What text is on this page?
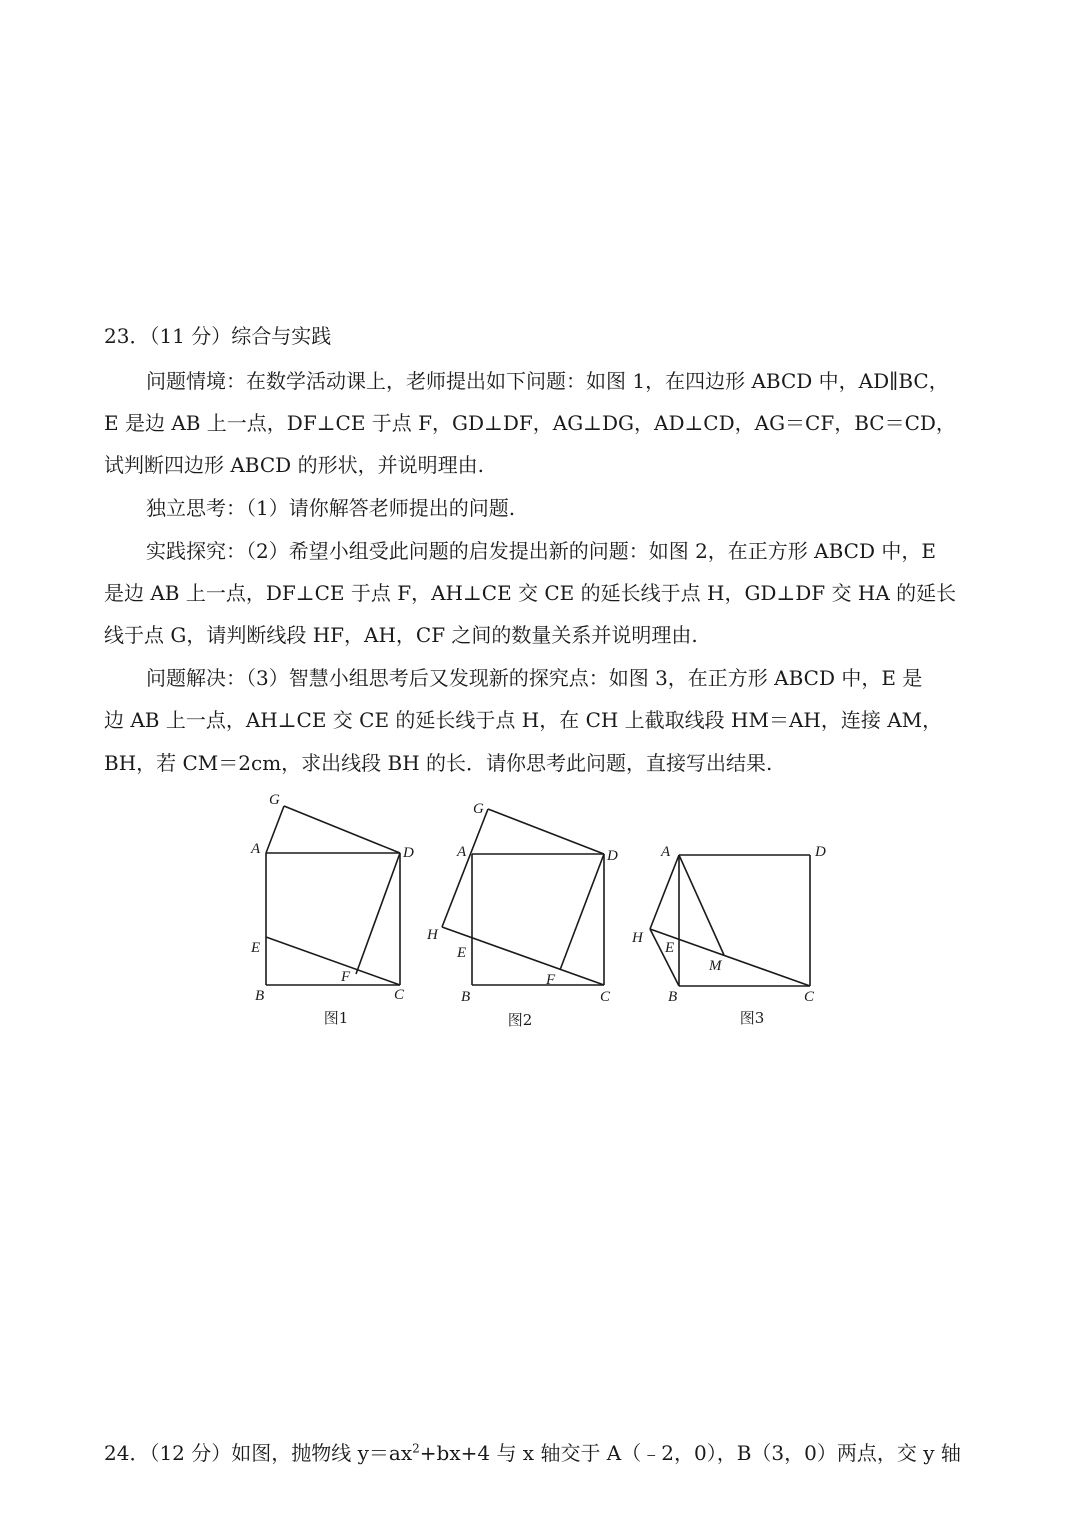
23．（11 分）综合与实践
问题情境：在数学活动课上，老师提出如下问题：如图 1，在四边形 ABCD 中，AD∥BC，
E 是边 AB 上一点，DF⊥CE 于点 F，GD⊥DF，AG⊥DG，AD⊥CD，AG＝CF，BC＝CD，
试判断四边形 ABCD 的形状，并说明理由.
独立思考：（1）请你解答老师提出的问题.
实践探究：（2）希望小组受此问题的启发提出新的问题：如图 2，在正方形 ABCD 中，E
是边 AB 上一点，DF⊥CE 于点 F，AH⊥CE 交 CE 的延长线于点 H，GD⊥DF 交 HA 的延长
线于点 G，请判断线段 HF，AH，CF 之间的数量关系并说明理由.
问题解决：（3）智慧小组思考后又发现新的探究点：如图 3，在正方形 ABCD 中，E 是
边 AB 上一点，AH⊥CE 交 CE 的延长线于点 H，在 CH 上截取线段 HM＝AH，连接 AM，
BH，若 CM＝2cm，求出线段 BH 的长．请你思考此问题，直接写出结果.
G
A	D
E
F
B	C
图1
G
A	D
H
E
F
B	C
图2
A	D
H
E
M
B	C
图3
24．（12 分）如图，抛物线 $y=ax^2+bx+4$ 与 x 轴交于 A（﹣2，0），B（3，0）两点，交 y 轴
